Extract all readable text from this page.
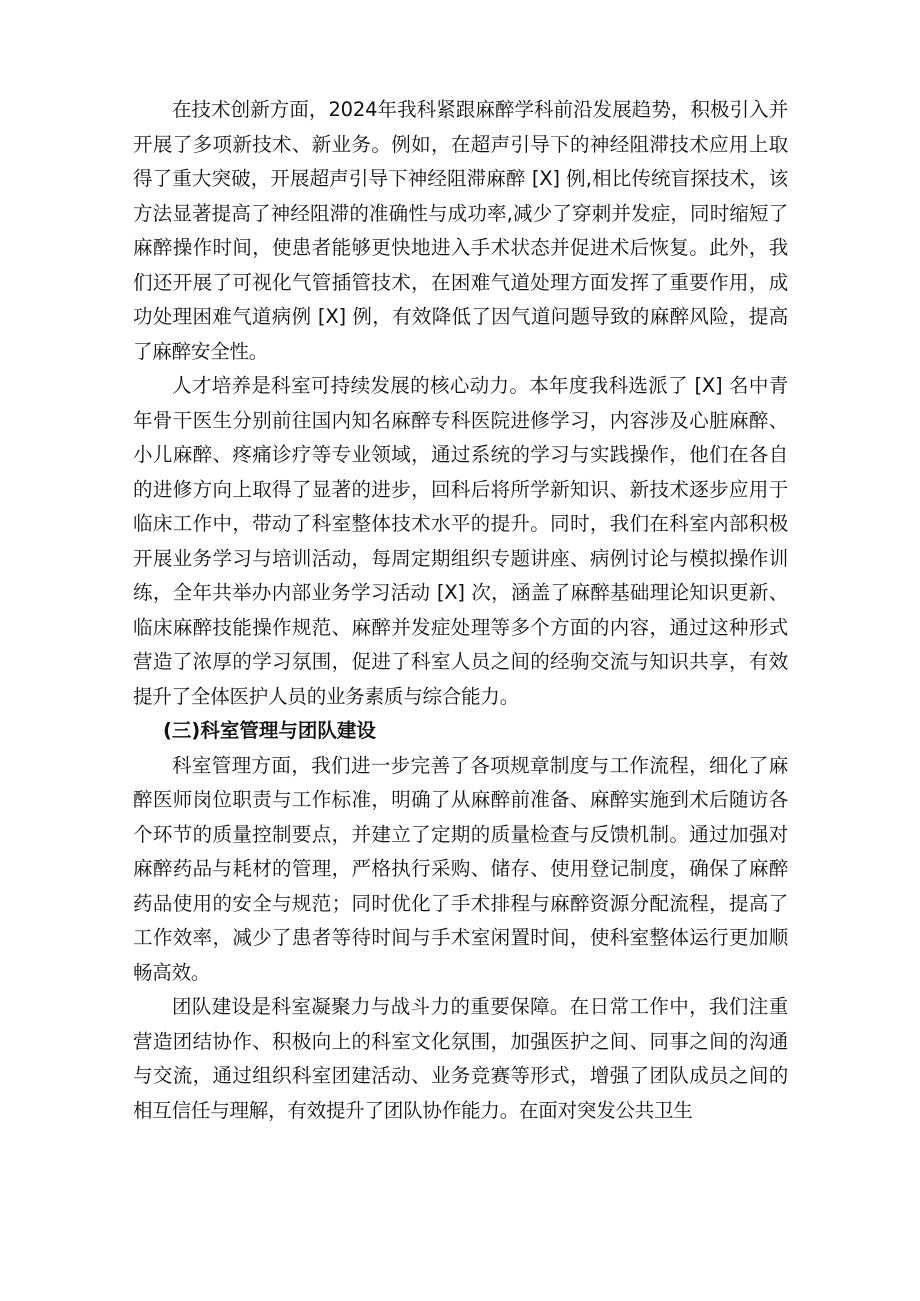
在技术创新方面，2024年我科紧跟麻醉学科前沿发展趋势，积极引入并开展了多项新技术、新业务。例如，在超声引导下的神经阻滞技术应用上取得了重大突破，开展超声引导下神经阻滞麻醉 [X] 例,相比传统盲探技术，该方法显著提高了神经阻滞的准确性与成功率,减少了穿刺并发症，同时缩短了麻醉操作时间，使患者能够更快地进入手术状态并促进术后恢复。此外，我们还开展了可视化气管插管技术，在困难气道处理方面发挥了重要作用，成功处理困难气道病例 [X] 例，有效降低了因气道问题导致的麻醉风险，提高了麻醉安全性。

人才培养是科室可持续发展的核心动力。本年度我科选派了 [X] 名中青年骨干医生分别前往国内知名麻醉专科医院进修学习，内容涉及心脏麻醉、小儿麻醉、疼痛诊疗等专业领域，通过系统的学习与实践操作，他们在各自的进修方向上取得了显著的进步，回科后将所学新知识、新技术逐步应用于临床工作中，带动了科室整体技术水平的提升。同时，我们在科室内部积极开展业务学习与培训活动，每周定期组织专题讲座、病例讨论与模拟操作训练，全年共举办内部业务学习活动 [X] 次，涵盖了麻醉基础理论知识更新、临床麻醉技能操作规范、麻醉并发症处理等多个方面的内容，通过这种形式营造了浓厚的学习氛围，促进了科室人员之间的经驹交流与知识共享，有效提升了全体医护人员的业务素质与综合能力。

(三)科室管理与团队建设

科室管理方面，我们进一步完善了各项规章制度与工作流程，细化了麻醉医师岗位职责与工作标准，明确了从麻醉前准备、麻醉实施到术后随访各个环节的质量控制要点，并建立了定期的质量检查与反馈机制。通过加强对麻醉药品与耗材的管理，严格执行采购、储存、使用登记制度，确保了麻醉药品使用的安全与规范；同时优化了手术排程与麻醉资源分配流程，提高了工作效率，减少了患者等待时间与手术室闲置时间，使科室整体运行更加顺畅高效。

团队建设是科室凝聚力与战斗力的重要保障。在日常工作中，我们注重营造团结协作、积极向上的科室文化氛围，加强医护之间、同事之间的沟通与交流，通过组织科室团建活动、业务竞赛等形式，增强了团队成员之间的相互信任与理解，有效提升了团队协作能力。在面对突发公共卫生
